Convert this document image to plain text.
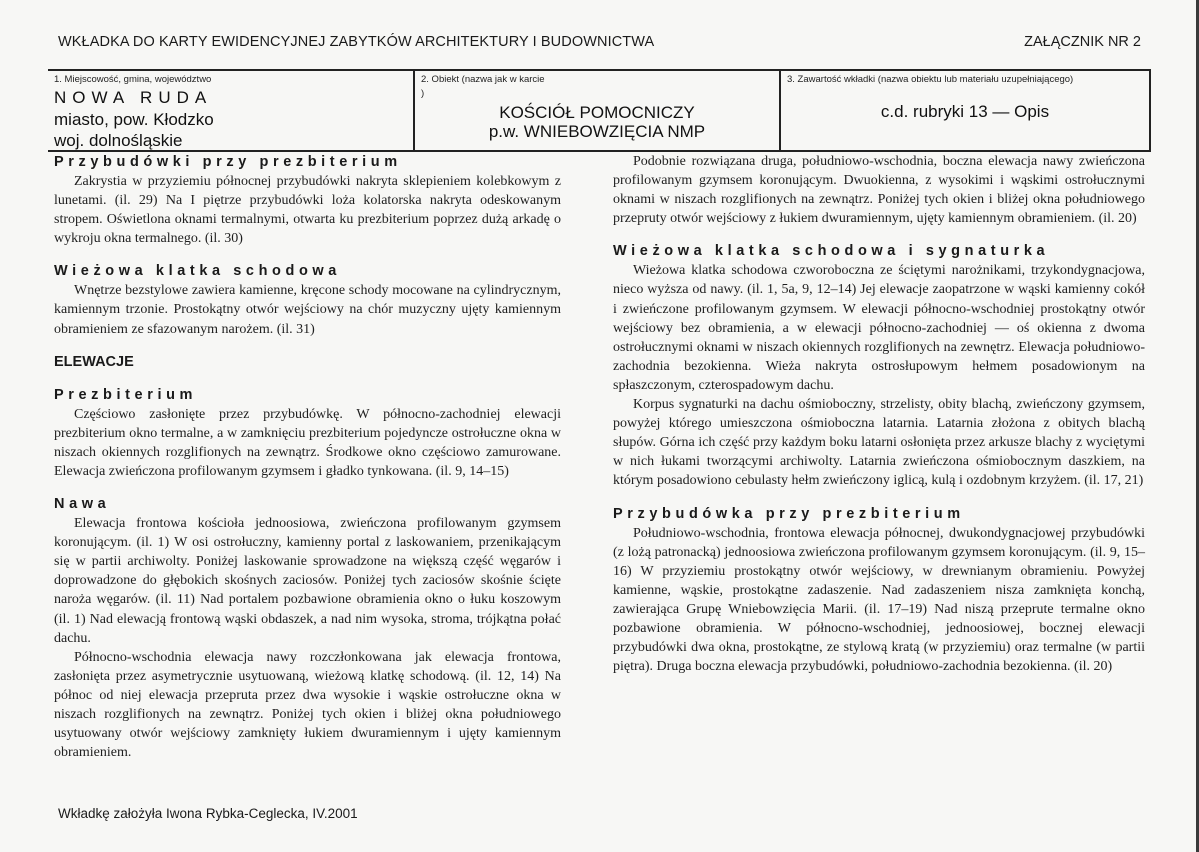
WKŁADKA DO KARTY EWIDENCYJNEJ ZABYTKÓW ARCHITEKTURY I BUDOWNICTWA	ZAŁĄCZNIK NR 2
1. Miejscowość, gmina, województwo
NOWA RUDA
miasto, pow. Kłodzko
woj. dolnośląskie
2. Obiekt (nazwa jak w karcie
)
KOŚCIÓŁ POMOCNICZY
p.w. WNIEBOWZIĘCIA NMP
3. Zawartość wkładki (nazwa obiektu lub materiału uzupełniającego)
c.d. rubryki 13 — Opis
Przybudówki przy prezbiterium

Zakrystia w przyziemiu północnej przybudówki nakryta sklepieniem kolebkowym z lunetami. (il. 29) Na I piętrze przybudówki loża kolatorska nakryta odeskowanym stropem. Oświetlona oknami termalnymi, otwarta ku prezbiterium poprzez dużą arkadę o wykroju okna termalnego. (il. 30)

Wieżowa klatka schodowa

Wnętrze bezstylowe zawiera kamienne, kręcone schody mocowane na cylindrycznym, kamiennym trzonie. Prostokątny otwór wejściowy na chór muzyczny ujęty kamiennym obramieniem ze sfazowanym narożem. (il. 31)

ELEWACJE
Prezbiterium

Częściowo zasłonięte przez przybudówkę. W północno-zachodniej elewacji prezbiterium okno termalne, a w zamknięciu prezbiterium pojedyncze ostrołuczne okna w niszach okiennych rozglifionych na zewnątrz. Środkowe okno częściowo zamurowane. Elewacja zwieńczona profilowanym gzymsem i gładko tynkowana. (il. 9, 14–15)

Nawa

Elewacja frontowa kościoła jednoosiowa, zwieńczona profilowanym gzymsem koronującym. (il. 1) W osi ostrołuczny, kamienny portal z laskowaniem, przenikającym się w partii archiwolty. Poniżej laskowanie sprowadzone na większą część węgarów i doprowadzone do głębokich skośnych zaciosów. Poniżej tych zaciosów skośnie ścięte naroża węgarów. (il. 11) Nad portalem pozbawione obramienia okno o łuku koszowym (il. 1) Nad elewacją frontową wąski obdaszek, a nad nim wysoka, stroma, trójkątna połać dachu.

Północno-wschodnia elewacja nawy rozczłonkowana jak elewacja frontowa, zasłonięta przez asymetrycznie usytuowaną, wieżową klatkę schodową. (il. 12, 14) Na północ od niej elewacja przepruta przez dwa wysokie i wąskie ostrołuczne okna w niszach rozglifionych na zewnątrz. Poniżej tych okien i bliżej okna południowego usytuowany otwór wejściowy zamknięty łukiem dwuramiennym i ujęty kamiennym obramieniem.

Podobnie rozwiązana druga, południowo-wschodnia, boczna elewacja nawy zwieńczona profilowanym gzymsem koronującym. Dwuokienna, z wysokimi i wąskimi ostrołucznymi oknami w niszach rozglifionych na zewnątrz. Poniżej tych okien i bliżej okna południowego przepruty otwór wejściowy z łukiem dwuramiennym, ujęty kamiennym obramieniem. (il. 20)

Wieżowa klatka schodowa i sygnaturka

Wieżowa klatka schodowa czworoboczna ze ściętymi narożnikami, trzykondygnacjowa, nieco wyższa od nawy. (il. 1, 5a, 9, 12–14) Jej elewacje zaopatrzone w wąski kamienny cokół i zwieńczone profilowanym gzymsem. W elewacji północno-wschodniej prostokątny otwór wejściowy bez obramienia, a w elewacji północno-zachodniej — oś okienna z dwoma ostrołucznymi oknami w niszach okiennych rozglifionych na zewnętrz. Elewacja południowo-zachodnia bezokienna. Wieża nakryta ostrosłupowym hełmem posadowionym na spłaszczonym, czterospadowym dachu.

Korpus sygnaturki na dachu ośmioboczny, strzelisty, obity blachą, zwieńczony gzymsem, powyżej którego umieszczona ośmioboczna latarnia. Latarnia złożona z obitych blachą słupów. Górna ich część przy każdym boku latarni osłonięta przez arkusze blachy z wyciętymi w nich łukami tworzącymi archiwolty. Latarnia zwieńczona ośmiobocznym daszkiem, na którym posadowiono cebulasty hełm zwieńczony iglicą, kulą i ozdobnym krzyżem. (il. 17, 21)

Przybudówka przy prezbiterium

Południowo-wschodnia, frontowa elewacja północnej, dwukondygnacjowej przybudówki (z lożą patronacką) jednoosiowa zwieńczona profilowanym gzymsem koronującym. (il. 9, 15–16) W przyziemiu prostokątny otwór wejściowy, w drewnianym obramieniu. Powyżej kamienne, wąskie, prostokątne zadaszenie. Nad zadaszeniem nisza zamknięta konchą, zawierająca Grupę Wniebowzięcia Marii. (il. 17–19) Nad niszą przeprute termalne okno pozbawione obramienia. W północno-wschodniej, jednoosiowej, bocznej elewacji przybudówki dwa okna, prostokątne, ze stylową kratą (w przyziemiu) oraz termalne (w partii piętra). Druga boczna elewacja przybudówki, południowo-zachodnia bezokienna. (il. 20)

Wkładkę założyła Iwona Rybka-Ceglecka, IV.2001
